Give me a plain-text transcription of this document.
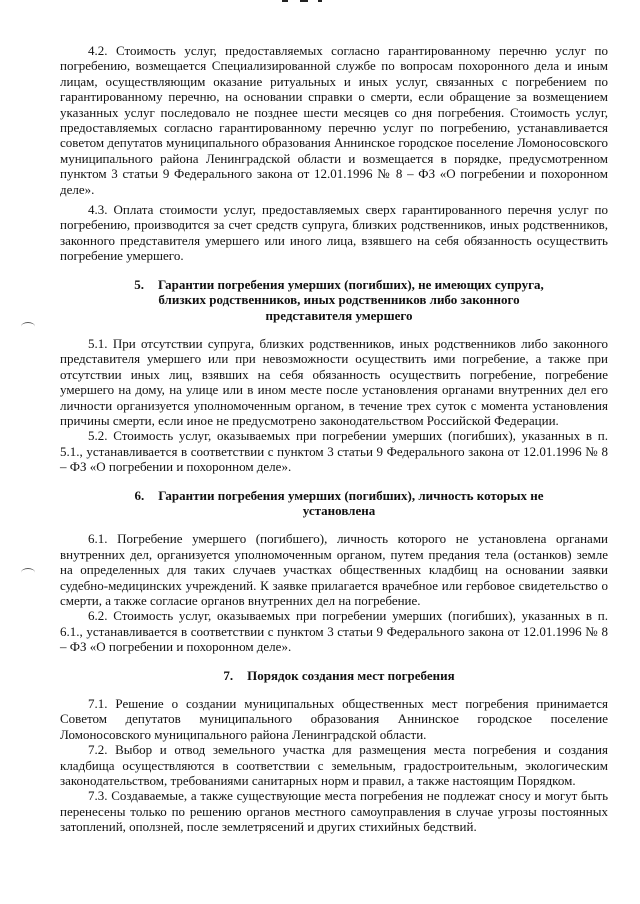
4.2. Стоимость услуг, предоставляемых согласно гарантированному перечню услуг по погребению, возмещается Специализированной службе по вопросам похоронного дела и иным лицам, осуществляющим оказание ритуальных и иных услуг, связанных с погребением по гарантированному перечню, на основании справки о смерти, если обращение за возмещением указанных услуг последовало не позднее шести месяцев со дня погребения. Стоимость услуг, предоставляемых согласно гарантированному перечню услуг по погребению, устанавливается советом депутатов муниципального образования Аннинское городское поселение Ломоносовского муниципального района Ленинградской области и возмещается в порядке, предусмотренном пунктом 3 статьи 9 Федерального закона от 12.01.1996 № 8 – ФЗ «О погребении и похоронном деле».

4.3. Оплата стоимости услуг, предоставляемых сверх гарантированного перечня услуг по погребению, производится за счет средств супруга, близких родственников, иных родственников, законного представителя умершего или иного лица, взявшего на себя обязанность осуществить погребение умершего.

5. Гарантии погребения умерших (погибших), не имеющих супруга, близких родственников, иных родственников либо законного представителя умершего

5.1. При отсутствии супруга, близких родственников, иных родственников либо законного представителя умершего или при невозможности осуществить ими погребение, а также при отсутствии иных лиц, взявших на себя обязанность осуществить погребение, погребение умершего на дому, на улице или в ином месте после установления органами внутренних дел его личности организуется уполномоченным органом, в течение трех суток с момента установления причины смерти, если иное не предусмотрено законодательством Российской Федерации.

5.2. Стоимость услуг, оказываемых при погребении умерших (погибших), указанных в п. 5.1., устанавливается в соответствии с пунктом 3 статьи 9 Федерального закона от 12.01.1996 № 8 – ФЗ «О погребении и похоронном деле».

6. Гарантии погребения умерших (погибших), личность которых не установлена

6.1. Погребение умершего (погибшего), личность которого не установлена органами внутренних дел, организуется уполномоченным органом, путем предания тела (останков) земле на определенных для таких случаев участках общественных кладбищ на основании заявки судебно-медицинских учреждений. К заявке прилагается врачебное или гербовое свидетельство о смерти, а также согласие органов внутренних дел на погребение.

6.2. Стоимость услуг, оказываемых при погребении умерших (погибших), указанных в п. 6.1., устанавливается в соответствии с пунктом 3 статьи 9 Федерального закона от 12.01.1996 № 8 – ФЗ «О погребении и похоронном деле».

7. Порядок создания мест погребения

7.1. Решение о создании муниципальных общественных мест погребения принимается Советом депутатов муниципального образования Аннинское городское поселение Ломоносовского муниципального района Ленинградской области.

7.2. Выбор и отвод земельного участка для размещения места погребения и создания кладбища осуществляются в соответствии с земельным, градостроительным, экологическим законодательством, требованиями санитарных норм и правил, а также настоящим Порядком.

7.3. Создаваемые, а также существующие места погребения не подлежат сносу и могут быть перенесены только по решению органов местного самоуправления в случае угрозы постоянных затоплений, оползней, после землетрясений и других стихийных бедствий.
